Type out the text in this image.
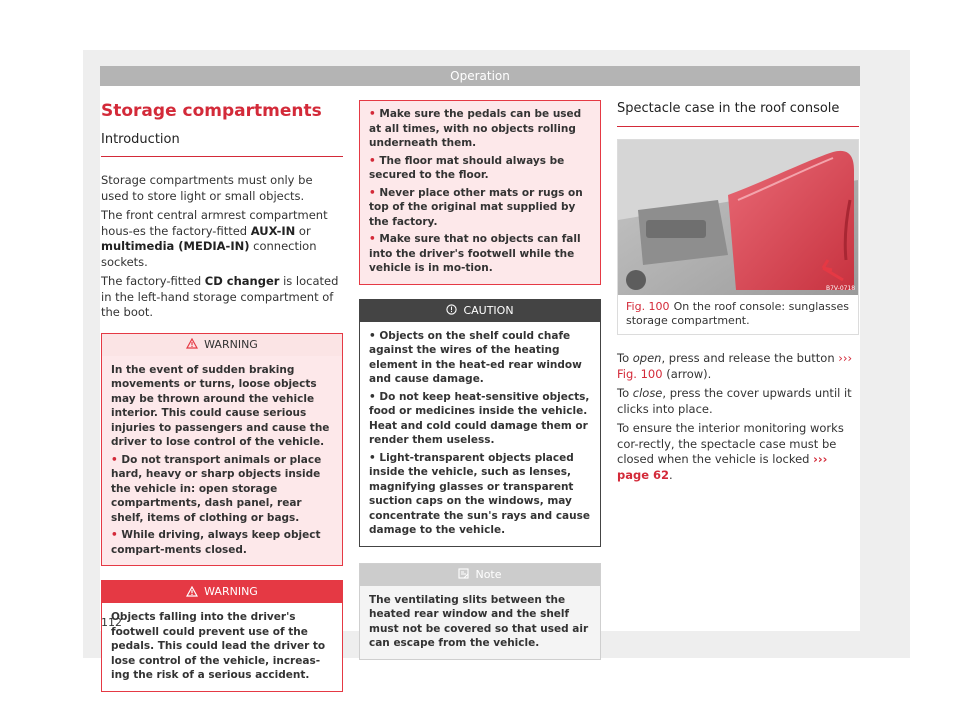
Operation
Storage compartments
Introduction

Storage compartments must only be used to store light or small objects.

The front central armrest compartment hous-es the factory-fitted AUX-IN or multimedia (MEDIA-IN) connection sockets.

The factory-fitted CD changer is located in the left-hand storage compartment of the boot.

WARNING
In the event of sudden braking movements or turns, loose objects may be thrown around the vehicle interior. This could cause serious injuries to passengers and cause the driver to lose control of the vehicle.
• Do not transport animals or place hard, heavy or sharp objects inside the vehicle in: open storage compartments, dash panel, rear shelf, items of clothing or bags.
• While driving, always keep object compart-ments closed.
WARNING
Objects falling into the driver's footwell could prevent use of the pedals. This could lead the driver to lose control of the vehicle, increas-ing the risk of a serious accident.
• Make sure the pedals can be used at all times, with no objects rolling underneath them.
• The floor mat should always be secured to the floor.
• Never place other mats or rugs on top of the original mat supplied by the factory.
• Make sure that no objects can fall into the driver's footwell while the vehicle is in mo-tion.
CAUTION
• Objects on the shelf could chafe against the wires of the heating element in the heat-ed rear window and cause damage.
• Do not keep heat-sensitive objects, food or medicines inside the vehicle. Heat and cold could damage them or render them useless.
• Light-transparent objects placed inside the vehicle, such as lenses, magnifying glasses or transparent suction caps on the windows, may concentrate the sun's rays and cause damage to the vehicle.
Note
The ventilating slits between the heated rear window and the shelf must not be covered so that used air can escape from the vehicle.
Spectacle case in the roof console
B7V-0718
Fig. 100 On the roof console: sunglasses storage compartment.

To open, press and release the button ››› Fig. 100 (arrow).

To close, press the cover upwards until it clicks into place.

To ensure the interior monitoring works cor-rectly, the spectacle case must be closed when the vehicle is locked ››› page 62.

112
